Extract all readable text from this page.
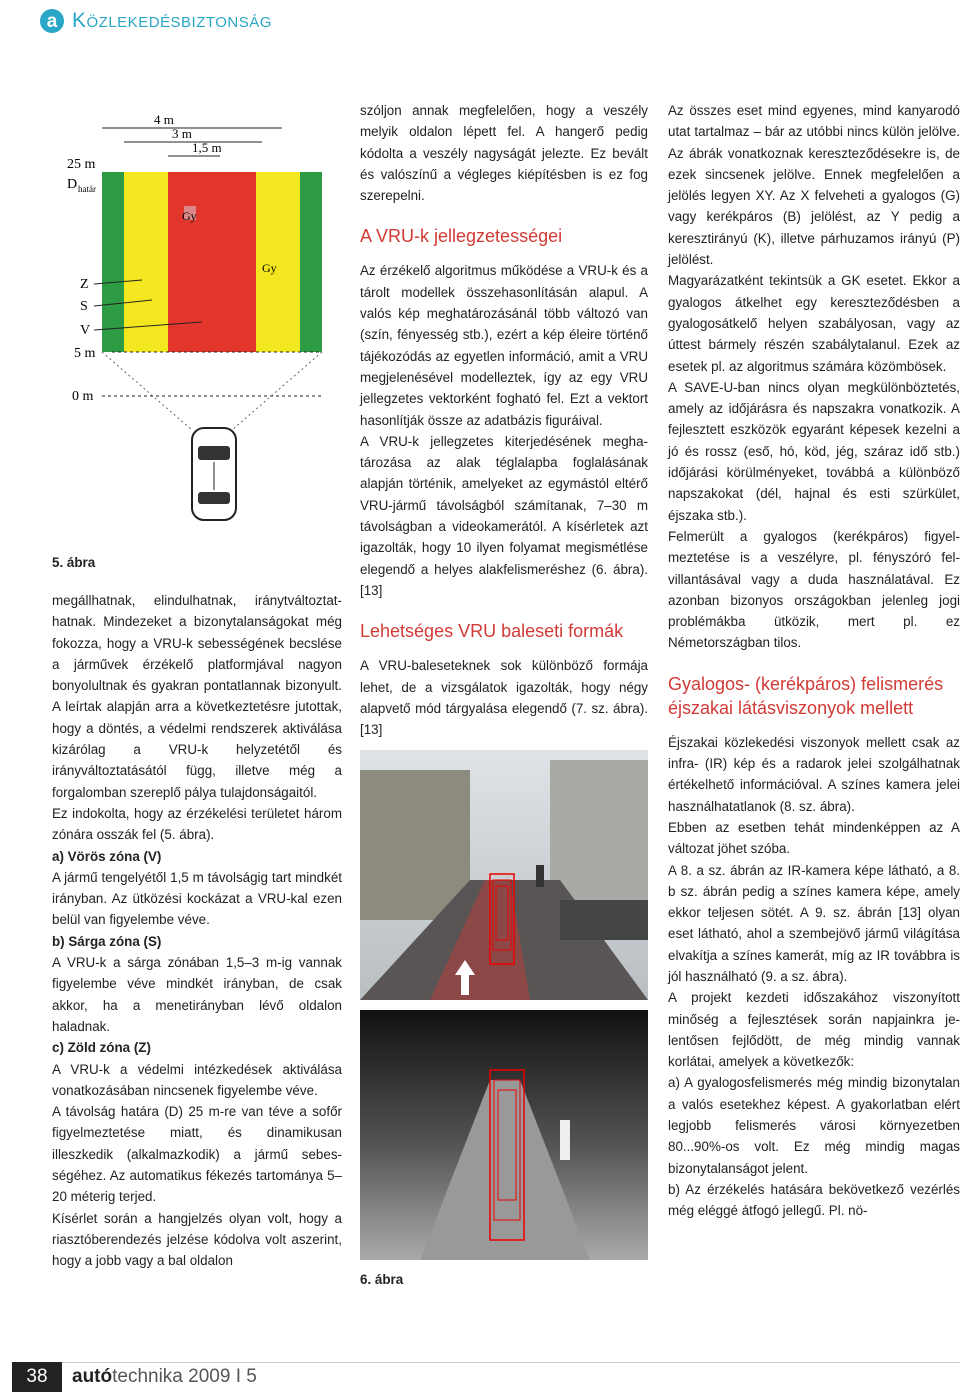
a Közlekedésbiztonság
4 m
3 m
1,5 m
25 m
D határ
Gy
Gy
Z
S
V
5 m
0 m
5. ábra

megállhatnak, elindulhatnak, iránytváltoztathatnak. Mindezeket a bizonytalanságokat még fokozza, hogy a VRU-k sebességének becslése a járművek érzékelő platformjával nagyon bonyolultnak és gyakran pontatlannak bizonyult. A leírtak alapján arra a következtetésre jutottak, hogy a döntés, a védelmi rendszerek aktiválása kizárólag a VRU-k helyzetétől és irányváltoztatásától függ, illetve még a forgalomban szereplő pálya tulajdonságaitól.

Ez indokolta, hogy az érzékelési területet három zónára osszák fel (5. ábra).

a) Vörös zóna (V)

A jármű tengelyétől 1,5 m távolságig tart mindkét irányban. Az ütközési kockázat a VRU-kal ezen belül van figyelembe véve.

b) Sárga zóna (S)

A VRU-k a sárga zónában 1,5–3 m-ig vannak figyelembe véve mindkét irányban, de csak akkor, ha a menetirányban lévő oldalon haladnak.

c) Zöld zóna (Z)

A VRU-k a védelmi intézkedések aktiválása vonatkozásában nincsenek figyelembe véve.

A távolság határa (D) 25 m-re van téve a sofőr figyelmeztetése miatt, és dinamikusan illeszkedik (alkalmazkodik) a jármű sebességéhez. Az automatikus fékezés tartománya 5–20 méterig terjed.

Kísérlet során a hangjelzés olyan volt, hogy a riasztóberendezés jelzése kódolva volt aszerint, hogy a jobb vagy a bal oldalon

szóljon annak megfelelően, hogy a veszély melyik oldalon lépett fel. A hangerő pedig kódolta a veszély nagyságát jelezte. Ez bevált és valószínű a végleges kiépítésben is ez fog szerepelni.

A VRU-k jellegzetességei

Az érzékelő algoritmus működése a VRU-k és a tárolt modellek összehasonlításán alapul. A valós kép meghatározásánál több változó van (szín, fényesség stb.), ezért a kép éleire történő tájékozódás az egyetlen információ, amit a VRU megjelenésével modelleztek, így az egy VRU jellegzetes vektorként fogható fel. Ezt a vektort hasonlítják össze az adatbázis figuráival.

A VRU-k jellegzetes kiterjedésének meghatározása az alak téglalapba foglalásának alapján történik, amelyeket az egymástól eltérő VRU-jármű távolságból számítanak, 7–30 m távolságban a videokamerától. A kísérletek azt igazolták, hogy 10 ilyen folyamat megismétlése elegendő a helyes alakfelismeréshez (6. ábra). [13]

Lehetséges VRU baleseti formák

A VRU-baleseteknek sok különböző formája lehet, de a vizsgálatok igazolták, hogy négy alapvető mód tárgyalása elegendő (7. sz. ábra). [13]

6. ábra

Az összes eset mind egyenes, mind kanyarodó utat tartalmaz – bár az utóbbi nincs külön jelölve. Az ábrák vonatkoznak kereszteződésekre is, de ezek sincsenek jelölve. Ennek megfelelően a jelölés legyen XY. Az X felveheti a gyalogos (G) vagy kerékpáros (B) jelölést, az Y pedig a keresztirányú (K), illetve párhuzamos irányú (P) jelölést.

Magyarázatként tekintsük a GK esetet. Ekkor a gyalogos átkelhet egy kereszteződésben a gyalogosátkelő helyen szabályosan, vagy az úttest bármely részén szabálytalanul. Ezek az esetek pl. az algoritmus számára közömbösek.

A SAVE-U-ban nincs olyan megkülönböztetés, amely az időjárásra és napszakra vonatkozik. A fejlesztett eszközök egyaránt képesek kezelni a jó és rossz (eső, hó, köd, jég, száraz idő stb.) időjárási körülményeket, továbbá a különböző napszakokat (dél, hajnal és esti szürkület, éjszaka stb.).

Felmerült a gyalogos (kerékpáros) figyelmeztetése is a veszélyre, pl. fényszóró felvillantásával vagy a duda használatával. Ez azonban bizonyos országokban jelenleg jogi problémákba ütközik, mert pl. ez Németországban tilos.

Gyalogos- (kerékpáros) felismerés éjszakai látásviszonyok mellett

Éjszakai közlekedési viszonyok mellett csak az infra- (IR) kép és a radarok jelei szolgálhatnak értékelhető információval. A színes kamera jelei használhatatlanok (8. sz. ábra).

Ebben az esetben tehát mindenképpen az A változat jöhet szóba.

A 8. a sz. ábrán az IR-kamera képe látható, a 8. b sz. ábrán pedig a színes kamera képe, amely ekkor teljesen sötét. A 9. sz. ábrán [13] olyan eset látható, ahol a szembejövő jármű világítása elvakítja a színes kamerát, míg az IR továbbra is jól használható (9. a sz. ábra).

A projekt kezdeti időszakához viszonyított minőség a fejlesztések során napjainkra jelentősen fejlődött, de még mindig vannak korlátai, amelyek a következők:

a) A gyalogosfelismerés még mindig bizonytalan a valós esetekhez képest. A gyakorlatban elért legjobb felismerés városi környezetben 80...90%-os volt. Ez még mindig magas bizonytalanságot jelent.

b) Az érzékelés hatására bekövetkező vezérlés még eléggé átfogó jellegű. Pl. nö-

38	autótechnika 2009 I 5
